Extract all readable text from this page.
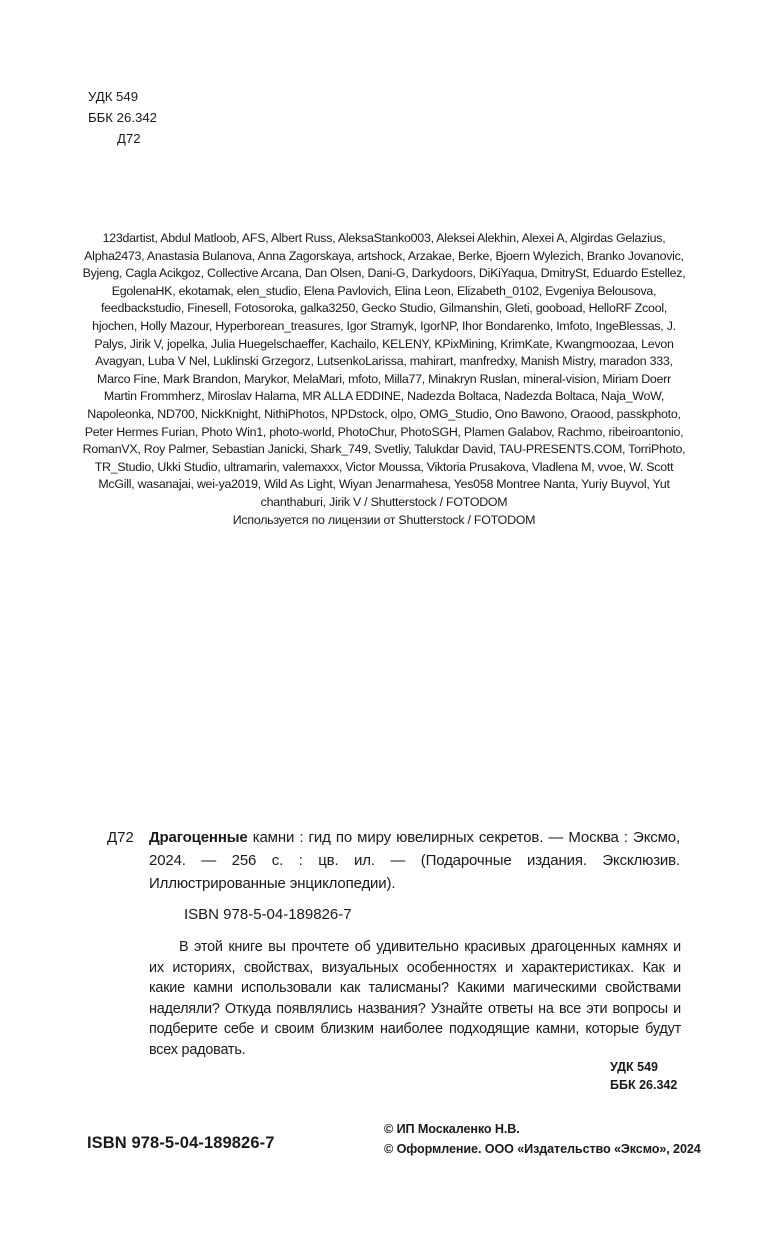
УДК 549
ББК 26.342
Д72
123dartist, Abdul Matloob, AFS, Albert Russ, AleksaStanko003, Aleksei Alekhin, Alexei A, Algirdas Gelazius, Alpha2473, Anastasia Bulanova, Anna Zagorskaya, artshock, Arzakae, Berke, Bjoern Wylezich, Branko Jovanovic, Byjeng, Cagla Acikgoz, Collective Arcana, Dan Olsen, Dani-G, Darkydoors, DiKiYaqua, DmitrySt, Eduardo Estellez, EgolenaHK, ekotamak, elen_studio, Elena Pavlovich, Elina Leon, Elizabeth_0102, Evgeniya Belousova, feedbackstudio, Finesell, Fotosoroka, galka3250, Gecko Studio, Gilmanshin, Gleti, goobоad, HelloRF Zcool, hjochen, Holly Mazour, Hyperborean_treasures, Igor Stramyk, IgorNP, Ihor Bondarenko, Imfoto, IngeBlessas, J. Palys, Jirik V, jopelka, Julia Huegelschaeffer, Kachailo, KELENY, KPixMining, KrimKate, Kwangmoozaa, Levon Avagyan, Luba V Nel, Luklinski Grzegorz, LutsenkoLarissa, mahirart, manfredxy, Manish Mistry, maradon 333, Marco Fine, Mark Brandon, Marykor, MelaMari, mfoto, Milla77, Minakryn Ruslan, mineral-vision, Miriam Doerr Martin Frommherz, Miroslav Halama, MR ALLA EDDINE, Nadezda Boltaca, Nadezda Boltaca, Naja_WoW, Napoleonka, ND700, NickKnight, NithiPhotos, NPDstock, olpo, OMG_Studio, Ono Bawono, Oraood, passkphoto, Peter Hermes Furian, Photo Win1, photo-world, PhotoChur, PhotoSGH, Plamen Galabov, Rachmo, ribeiroantonio, RomanVX, Roy Palmer, Sebastian Janicki, Shark_749, Svetliy, Talukdar David, TAU-PRESENTS.COM, TorriPhoto, TR_Studio, Ukki Studio, ultramarin, valemaxxx, Victor Moussa, Viktoria Prusakova, Vladlena M, vvoe, W. Scott McGill, wasanajai, wei-ya2019, Wild As Light, Wiyan Jenarmahesa, Yes058 Montree Nanta, Yuriy Buyvol, Yut chanthaburi, Jirik V / Shutterstock / FOTODOM
Используется по лицензии от Shutterstock / FOTODOM
Д72 Драгоценные камни : гид по миру ювелирных секретов. — Москва : Эксмо, 2024. — 256 с. : цв. ил. — (Подарочные издания. Эксклюзив. Иллюстрированные энциклопедии).
ISBN 978-5-04-189826-7

В этой книге вы прочтете об удивительно красивых драгоценных камнях и их историях, свойствах, визуальных особенностях и характеристиках. Как и какие камни использовали как талисманы? Какими магическими свойствами наделяли? Откуда появлялись названия? Узнайте ответы на все эти вопросы и подберите себе и своим близким наиболее подходящие камни, которые будут всех радовать.

УДК 549
ББК 26.342
© ИП Москаленко Н.В.
© Оформление. ООО «Издательство «Эксмо», 2024
ISBN 978-5-04-189826-7
